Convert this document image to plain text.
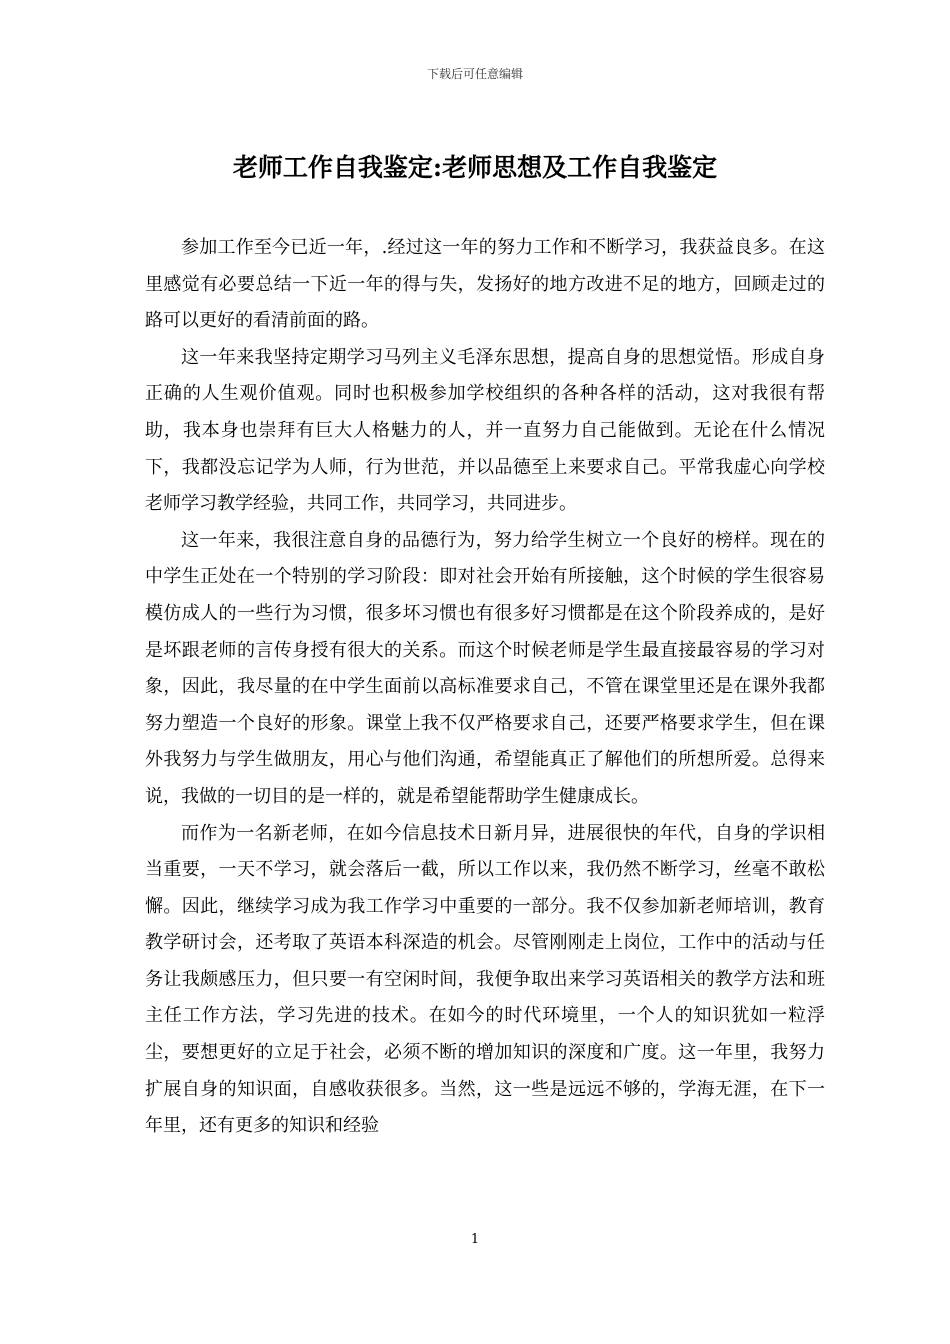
下载后可任意编辑
老师工作自我鉴定:老师思想及工作自我鉴定

参加工作至今已近一年，.经过这一年的努力工作和不断学习，我获益良多。在这里感觉有必要总结一下近一年的得与失，发扬好的地方改进不足的地方，回顾走过的路可以更好的看清前面的路。

这一年来我坚持定期学习马列主义毛泽东思想，提高自身的思想觉悟。形成自身正确的人生观价值观。同时也积极参加学校组织的各种各样的活动，这对我很有帮助，我本身也崇拜有巨大人格魅力的人，并一直努力自己能做到。无论在什么情况下，我都没忘记学为人师，行为世范，并以品德至上来要求自己。平常我虚心向学校老师学习教学经验，共同工作，共同学习，共同进步。

这一年来，我很注意自身的品德行为，努力给学生树立一个良好的榜样。现在的中学生正处在一个特别的学习阶段：即对社会开始有所接触，这个时候的学生很容易模仿成人的一些行为习惯，很多坏习惯也有很多好习惯都是在这个阶段养成的，是好是坏跟老师的言传身授有很大的关系。而这个时候老师是学生最直接最容易的学习对象，因此，我尽量的在中学生面前以高标准要求自己，不管在课堂里还是在课外我都努力塑造一个良好的形象。课堂上我不仅严格要求自己，还要严格要求学生，但在课外我努力与学生做朋友，用心与他们沟通，希望能真正了解他们的所想所爱。总得来说，我做的一切目的是一样的，就是希望能帮助学生健康成长。

而作为一名新老师，在如今信息技术日新月异，进展很快的年代，自身的学识相当重要，一天不学习，就会落后一截，所以工作以来，我仍然不断学习，丝毫不敢松懈。因此，继续学习成为我工作学习中重要的一部分。我不仅参加新老师培训，教育教学研讨会，还考取了英语本科深造的机会。尽管刚刚走上岗位，工作中的活动与任务让我颇感压力，但只要一有空闲时间，我便争取出来学习英语相关的教学方法和班主任工作方法，学习先进的技术。在如今的时代环境里，一个人的知识犹如一粒浮尘，要想更好的立足于社会，必须不断的增加知识的深度和广度。这一年里，我努力扩展自身的知识面，自感收获很多。当然，这一些是远远不够的，学海无涯，在下一年里，还有更多的知识和经验

1
